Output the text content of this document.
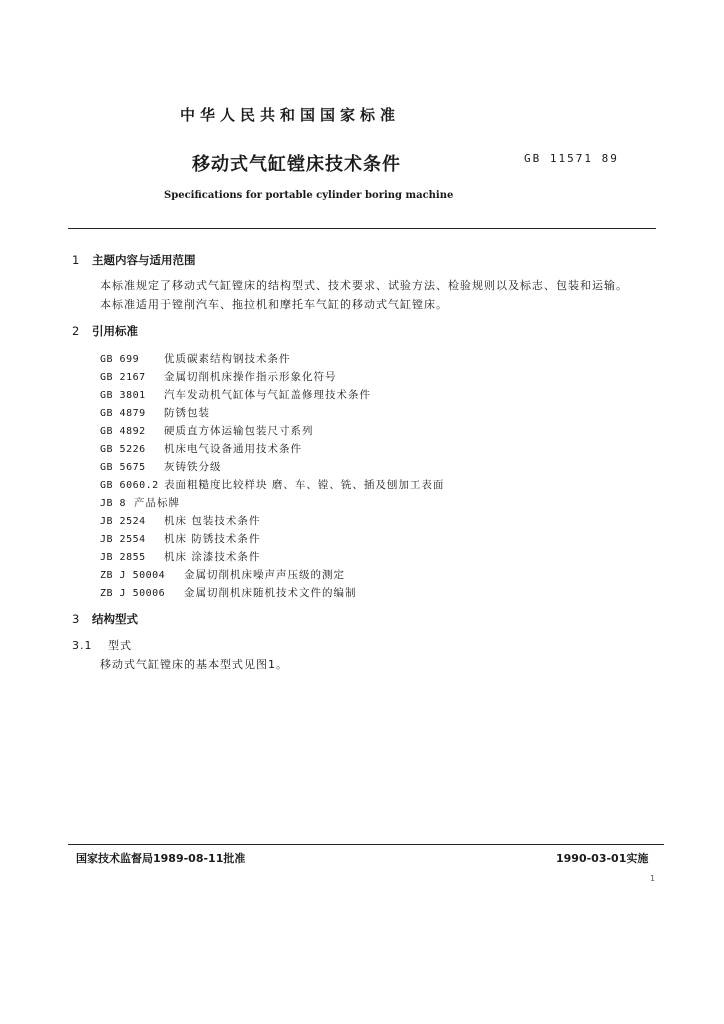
中华人民共和国国家标准
移动式气缸镗床技术条件	GB 11571 89
Specifications for portable cylinder boring machine
1 主题内容与适用范围
本标准规定了移动式气缸镗床的结构型式、技术要求、试验方法、检验规则以及标志、包装和运输。
本标准适用于镗削汽车、拖拉机和摩托车气缸的移动式气缸镗床。
2 引用标准
GB 699 优质碳素结构钢技术条件
GB 2167 金属切削机床操作指示形象化符号
GB 3801 汽车发动机气缸体与气缸盖修理技术条件
GB 4879 防锈包装
GB 4892 硬质直方体运输包装尺寸系列
GB 5226 机床电气设备通用技术条件
GB 5675 灰铸铁分级
GB 6060.2 表面粗糙度比较样块 磨、车、镗、铣、插及刨加工表面
JB 8 产品标牌
JB 2524 机床 包装技术条件
JB 2554 机床 防锈技术条件
JB 2855 机床 涂漆技术条件
ZB J 50004 金属切削机床噪声声压级的测定
ZB J 50006 金属切削机床随机技术文件的编制
3 结构型式
3.1 型式
移动式气缸镗床的基本型式见图1。
国家技术监督局1989-08-11批准	1990-03-01实施
1
